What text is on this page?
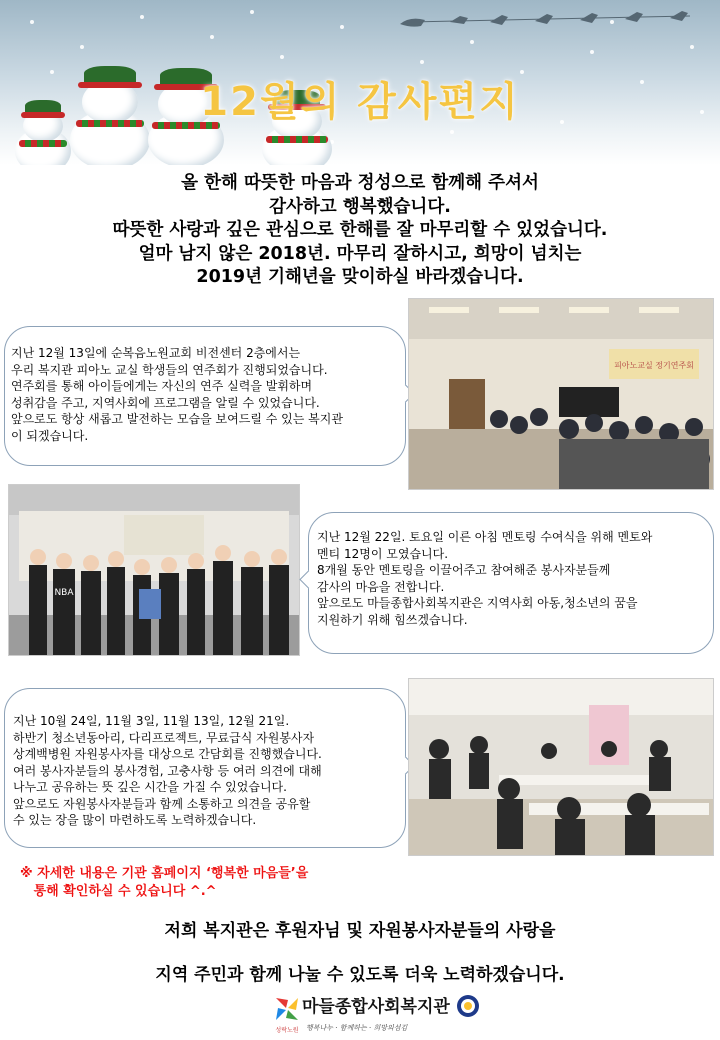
12월의 감사편지
올 한해 따뜻한 마음과 정성으로 함께해 주셔서
감사하고 행복했습니다.
따뜻한 사랑과 깊은 관심으로 한해를 잘 마무리할 수 있었습니다.
얼마 남지 않은 2018년. 마무리 잘하시고, 희망이 넘치는
2019년 기해년을 맞이하실 바라겠습니다.
지난 12월 13일에 순복음노원교회 비전센터 2층에서는
우리 복지관 피아노 교실 학생들의 연주회가 진행되었습니다.
연주회를 통해 아이들에게는 자신의 연주 실력을 발휘하며
성취감을 주고, 지역사회에 프로그램을 알릴 수 있었습니다.
앞으로도 항상 새롭고 발전하는 모습을 보여드릴 수 있는 복지관
이 되겠습니다.
피아노교실 정기연주회
NBA
지난 12월 22일. 토요일 이른 아침 멘토링 수여식을 위해 멘토와
멘티 12명이 모였습니다.
8개월 동안 멘토링을 이끌어주고 참여해준 봉사자분들께
감사의 마음을 전합니다.
앞으로도 마들종합사회복지관은 지역사회 아동,청소년의 꿈을
지원하기 위해 힘쓰겠습니다.
지난 10월 24일, 11월 3일, 11월 13일, 12월 21일.
하반기 청소년동아리, 다리프로젝트, 무료급식 자원봉사자
상계백병원 자원봉사자를 대상으로 간담회를 진행했습니다.
여러 봉사자분들의 봉사경험, 고충사항 등 여러 의견에 대해
나누고 공유하는 뜻 깊은 시간을 가질 수 있었습니다.
앞으로도 자원봉사자분들과 함께 소통하고 의견을 공유할
수 있는 장을 많이 마련하도록 노력하겠습니다.
※ 자세한 내용은 기관 홈페이지 ‘행복한 마음들’을
통해 확인하실 수 있습니다 ^.^
저희 복지관은 후원자님 및 자원봉사자분들의 사랑을
지역 주민과 함께 나눌 수 있도록 더욱 노력하겠습니다.
성락노원
마들종합사회복지관
행복나누 · 함께하는 · 희망의섬김
